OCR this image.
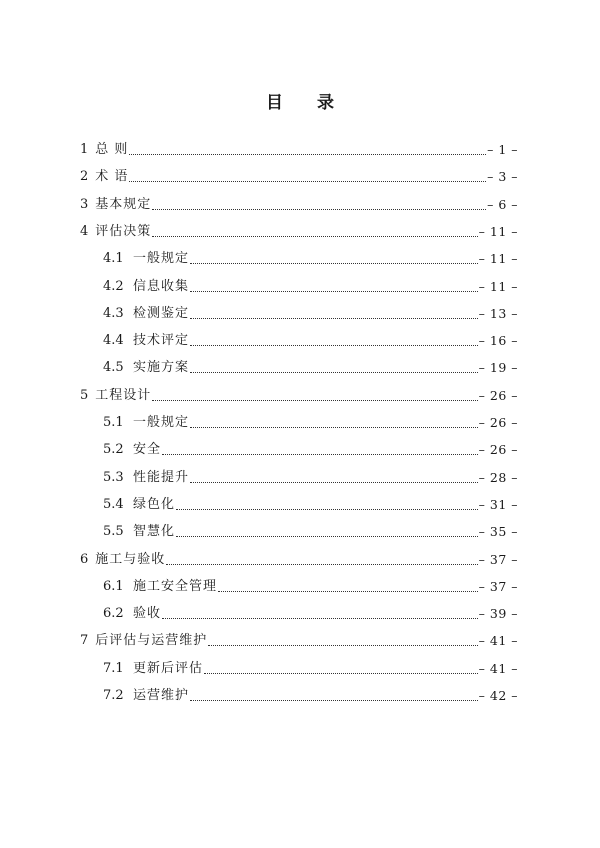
目 录
1 总 则	– 1 –
2 术 语	– 3 –
3 基本规定	– 6 –
4 评估决策	– 11 –
4.1 一般规定	– 11 –
4.2 信息收集	– 11 –
4.3 检测鉴定	– 13 –
4.4 技术评定	– 16 –
4.5 实施方案	– 19 –
5 工程设计	– 26 –
5.1 一般规定	– 26 –
5.2 安全	– 26 –
5.3 性能提升	– 28 –
5.4 绿色化	– 31 –
5.5 智慧化	– 35 –
6 施工与验收	– 37 –
6.1 施工安全管理	– 37 –
6.2 验收	– 39 –
7 后评估与运营维护	– 41 –
7.1 更新后评估	– 41 –
7.2 运营维护	– 42 –
